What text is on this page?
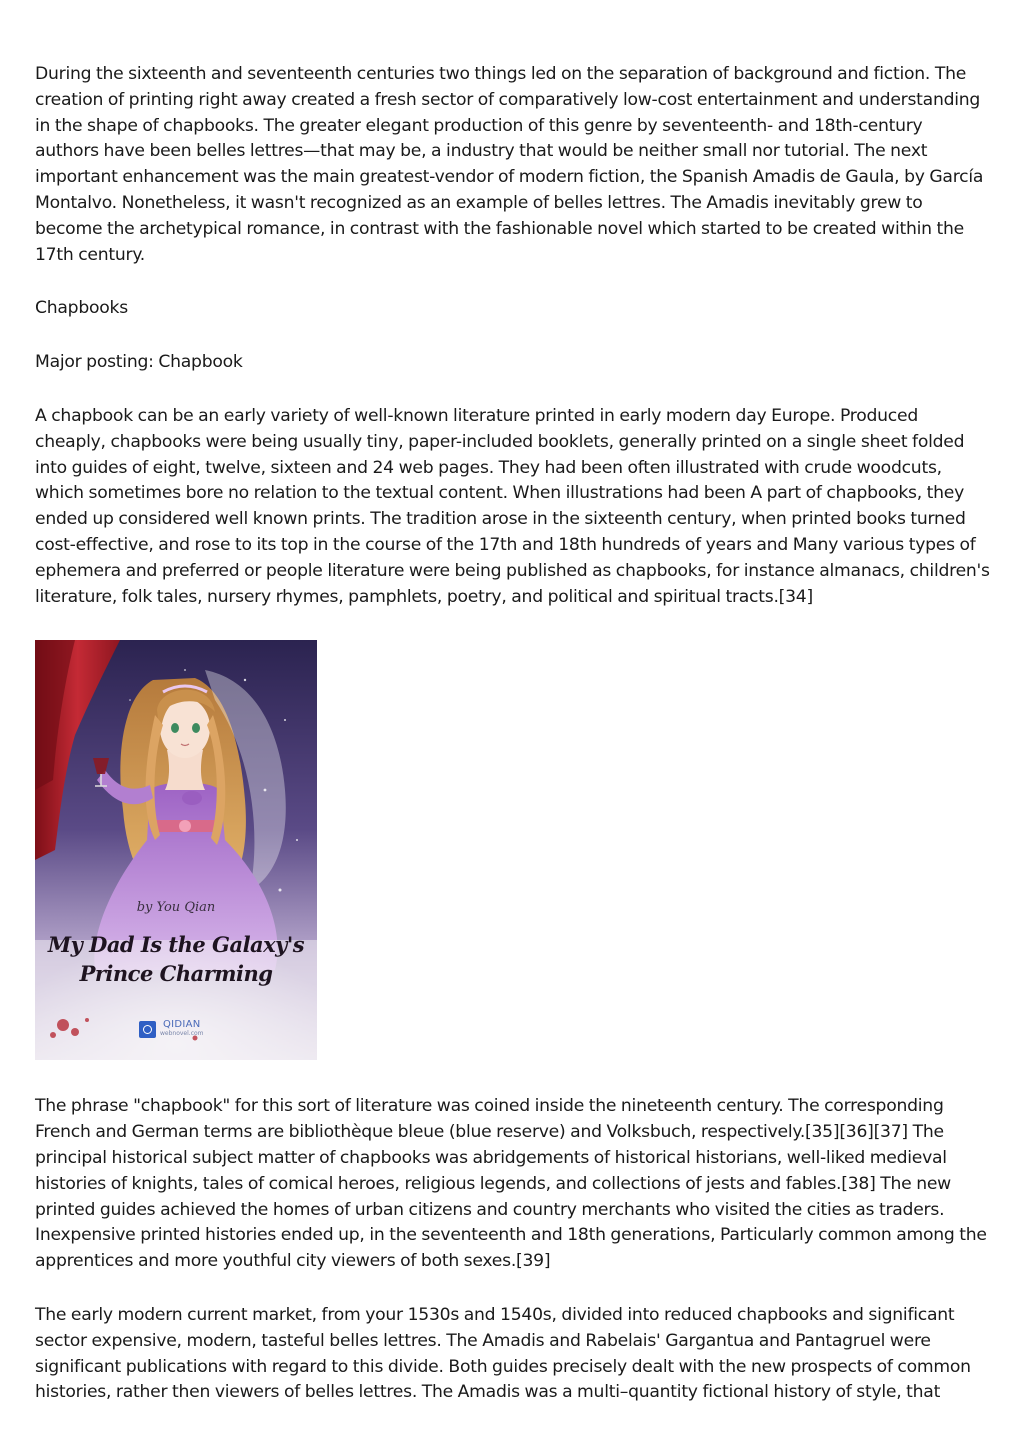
During the sixteenth and seventeenth centuries two things led on the separation of background and fiction. The creation of printing right away created a fresh sector of comparatively low-cost entertainment and understanding in the shape of chapbooks. The greater elegant production of this genre by seventeenth- and 18th-century authors have been belles lettres—that may be, a industry that would be neither small nor tutorial. The next important enhancement was the main greatest-vendor of modern fiction, the Spanish Amadis de Gaula, by García Montalvo. Nonetheless, it wasn't recognized as an example of belles lettres. The Amadis inevitably grew to become the archetypical romance, in contrast with the fashionable novel which started to be created within the 17th century.

Chapbooks

Major posting: Chapbook

A chapbook can be an early variety of well-known literature printed in early modern day Europe. Produced cheaply, chapbooks were being usually tiny, paper-included booklets, generally printed on a single sheet folded into guides of eight, twelve, sixteen and 24 web pages. They had been often illustrated with crude woodcuts, which sometimes bore no relation to the textual content. When illustrations had been A part of chapbooks, they ended up considered well known prints. The tradition arose in the sixteenth century, when printed books turned cost-effective, and rose to its top in the course of the 17th and 18th hundreds of years and Many various types of ephemera and preferred or people literature were being published as chapbooks, for instance almanacs, children's literature, folk tales, nursery rhymes, pamphlets, poetry, and political and spiritual tracts.[34]

by You Qian
My Dad Is the Galaxy's Prince Charming
QIDIAN
webnovel.com

The phrase "chapbook" for this sort of literature was coined inside the nineteenth century. The corresponding French and German terms are bibliothèque bleue (blue reserve) and Volksbuch, respectively.[35][36][37] The principal historical subject matter of chapbooks was abridgements of historical historians, well-liked medieval histories of knights, tales of comical heroes, religious legends, and collections of jests and fables.[38] The new printed guides achieved the homes of urban citizens and country merchants who visited the cities as traders. Inexpensive printed histories ended up, in the seventeenth and 18th generations, Particularly common among the apprentices and more youthful city viewers of both sexes.[39]

The early modern current market, from your 1530s and 1540s, divided into reduced chapbooks and significant sector expensive, modern, tasteful belles lettres. The Amadis and Rabelais' Gargantua and Pantagruel were significant publications with regard to this divide. Both guides precisely dealt with the new prospects of common histories, rather then viewers of belles lettres. The Amadis was a multi–quantity fictional history of style, that
